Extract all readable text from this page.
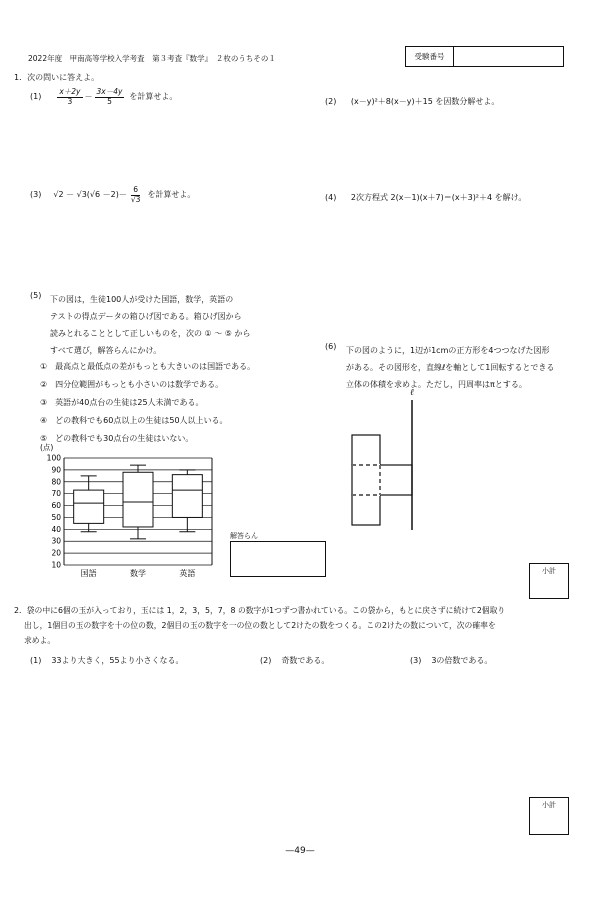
2022年度　甲南高等学校入学考査　第３考査『数学』　２枚のうちその１	受験番号
1．次の問いに答えよ。
$(1) \frac{x+2y}{3} - \frac{3x-4y}{5}$ を計算せよ。
(2) (x－y)²＋8(x－y)＋15 を因数分解せよ。
(3) $√2 - √3(√6 -2)- \frac{6}{√3}$ を計算せよ。	(4) 2次方程式 2(x－1)(x＋7)＝(x＋3)²＋4 を解け。
(5) 下の図は，生徒100人が受けた国語，数学，英語の
テストの得点データの箱ひげ図である。箱ひげ図から
読みとれることとして正しいものを，次の ① ～ ⑤ から
すべて選び，解答らんにかけ。
①　 最高点と最低点の差がもっとも大きいのは国語である。
②　 四分位範囲がもっとも小さいのは数学である。
③　 英語が40点台の生徒は25人未満である。
④　 どの教科でも60点以上の生徒は50人以上いる。
⑤　 どの教科でも30点台の生徒はいない。
(点)
10
20
30
40
50
60
70
80
90
100
国語	数学	英語
解答らん
(6) 下の図のように，1辺が1cmの正方形を4つつなげた図形
がある。その図形を，直線ℓを軸として1回転するとできる
立体の体積を求めよ。ただし，円周率はπとする。
ℓ
小計
2．袋の中に6個の玉が入っており，玉には 1，2，3，5，7，8 の数字が1つずつ書かれている。この袋から，もとに戻さずに続けて2個取り
出し，1個目の玉の数字を十の位の数，2個目の玉の数字を一の位の数として2けたの数をつくる。この2けたの数について，次の確率を
求めよ。
(1) 33より大きく，55より小さくなる。	(2) 奇数である。	(3) 3の倍数である。
小計
—49—
